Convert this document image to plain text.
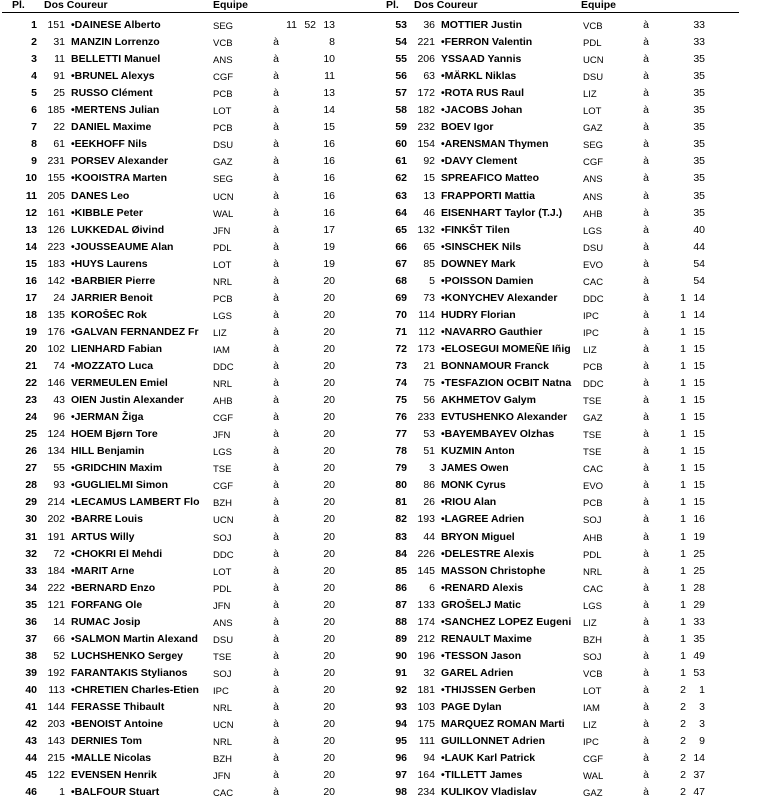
Pl. Dos Coureur	Equipe	Pl. Dos Coureur	Equipe
1 151 •DAINESE Alberto	SEG	11 52 13
2	31 MANZIN Lorrenzo	VCB	à	8
3	11 BELLETTI Manuel	ANS	à	10
4	91 •BRUNEL Alexys	CGF	à	11
5	25 RUSSO Clément	PCB	à	13
6 185 •MERTENS Julian	LOT	à	14
7	22 DANIEL Maxime	PCB	à	15
8	61 •EEKHOFF Nils	DSU	à	16
9 231 PORSEV Alexander	GAZ	à	16
10 155 •KOOISTRA Marten	SEG	à	16
11 205 DANES Leo	UCN	à	16
12 161 •KIBBLE Peter	WAL	à	16
13 126 LUKKEDAL Øivind	JFN	à	17
14 223 •JOUSSEAUME Alan	PDL	à	19
15 183 •HUYS Laurens	LOT	à	19
16 142 •BARBIER Pierre	NRL	à	20
17	24 JARRIER Benoit	PCB	à	20
18 135 KOROŠEC Rok	LGS	à	20
19 176 •GALVAN FERNANDEZ Fr	LIZ	à	20
20 102 LIENHARD Fabian	IAM	à	20
21	74 •MOZZATO Luca	DDC	à	20
22 146 VERMEULEN Emiel	NRL	à	20
23	43 OIEN Justin Alexander	AHB	à	20
24	96 •JERMAN Žiga	CGF	à	20
25 124 HOEM Bjørn Tore	JFN	à	20
26 134 HILL Benjamin	LGS	à	20
27	55 •GRIDCHIN Maxim	TSE	à	20
28	93 •GUGLIELMI Simon	CGF	à	20
29 214 •LECAMUS LAMBERT Flo	BZH	à	20
30 202 •BARRE Louis	UCN	à	20
31 191 ARTUS Willy	SOJ	à	20
32	72 •CHOKRI El Mehdi	DDC	à	20
33 184 •MARIT Arne	LOT	à	20
34 222 •BERNARD Enzo	PDL	à	20
35 121 FORFANG Ole	JFN	à	20
36	14 RUMAC Josip	ANS	à	20
37	66 •SALMON Martin Alexand	DSU	à	20
38	52 LUCHSHENKO Sergey	TSE	à	20
39 192 FARANTAKIS Stylianos	SOJ	à	20
40	113 •CHRETIEN Charles-Etien	IPC	à	20
41 144 FERASSE Thibault	NRL	à	20
42 203 •BENOIST Antoine	UCN	à	20
43 143 DERNIES Tom	NRL	à	20
44 215 •MALLE Nicolas	BZH	à	20
45 122 EVENSEN Henrik	JFN	à	20
46	1 •BALFOUR Stuart	CAC	à	20
53	36 MOTTIER Justin	VCB	à	33
54 221 •FERRON Valentin	PDL	à	33
55 206 YSSAAD Yannis	UCN	à	35
56	63 •MÄRKL Niklas	DSU	à	35
57 172 •ROTA RUS Raul	LIZ	à	35
58 182 •JACOBS Johan	LOT	à	35
59 232 BOEV Igor	GAZ	à	35
60 154 •ARENSMAN Thymen	SEG	à	35
61	92 •DAVY Clement	CGF	à	35
62	15 SPREAFICO Matteo	ANS	à	35
63	13 FRAPPORTI Mattia	ANS	à	35
64	46 EISENHART Taylor (T.J.)	AHB	à	35
65 132 •FINKŠT Tilen	LGS	à	40
66	65 •SINSCHEK Nils	DSU	à	44
67	85 DOWNEY Mark	EVO	à	54
68	5 •POISSON Damien	CAC	à	54
69	73 •KONYCHEV Alexander	DDC	à	1 14
70	114 HUDRY Florian	IPC	à	1 14
71	112 •NAVARRO Gauthier	IPC	à	1 15
72 173 •ELOSEGUI MOMEÑE Iñig	LIZ	à	1 15
73	21 BONNAMOUR Franck	PCB	à	1 15
74	75 •TESFAZION OCBIT Natna	DDC	à	1 15
75	56 AKHMETOV Galym	TSE	à	1 15
76 233 EVTUSHENKO Alexander	GAZ	à	1 15
77	53 •BAYEMBAYEV Olzhas	TSE	à	1 15
78	51 KUZMIN Anton	TSE	à	1 15
79	3 JAMES Owen	CAC	à	1 15
80	86 MONK Cyrus	EVO	à	1 15
81	26 •RIOU Alan	PCB	à	1 15
82 193 •LAGREE Adrien	SOJ	à	1 16
83	44 BRYON Miguel	AHB	à	1 19
84 226 •DELESTRE Alexis	PDL	à	1 25
85 145 MASSON Christophe	NRL	à	1 25
86	6 •RENARD Alexis	CAC	à	1 28
87 133 GROŠELJ Matic	LGS	à	1 29
88 174 •SANCHEZ LOPEZ Eugeni	LIZ	à	1 33
89 212 RENAULT Maxime	BZH	à	1 35
90 196 •TESSON Jason	SOJ	à	1 49
91	32 GAREL Adrien	VCB	à	1 53
92 181 •THIJSSEN Gerben	LOT	à	2	1
93 103 PAGE Dylan	IAM	à	2	3
94 175 MARQUEZ ROMAN Marti	LIZ	à	2	3
95	111 GUILLONNET Adrien	IPC	à	2	9
96	94 •LAUK Karl Patrick	CGF	à	2 14
97 164 •TILLETT James	WAL	à	2 37
98 234 KULIKOV Vladislav	GAZ	à	2 47
